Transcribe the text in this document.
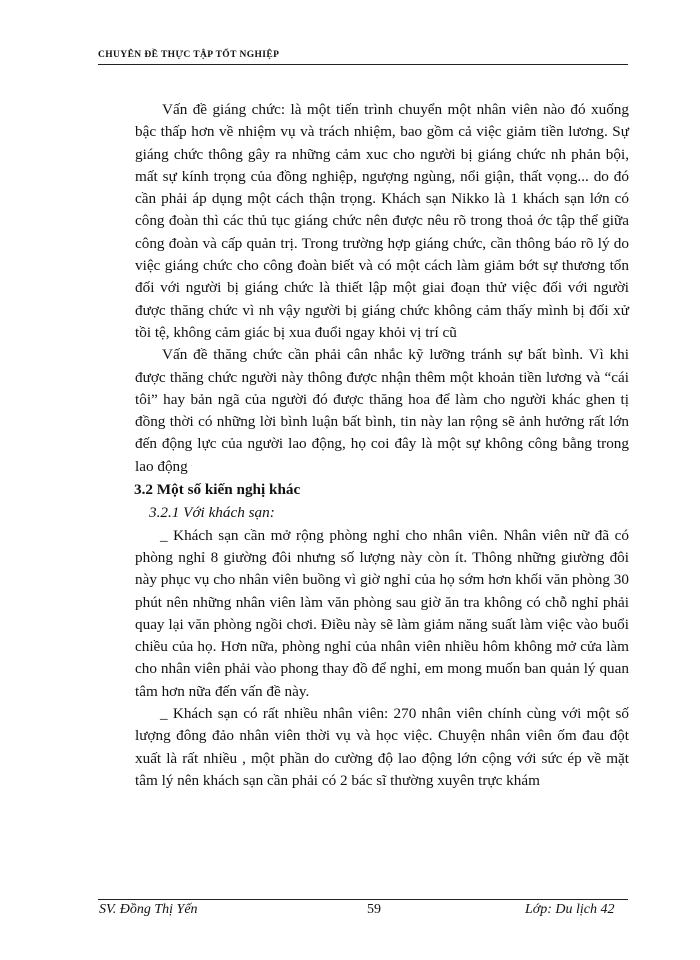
CHUYÊN ĐỀ THỰC TẬP TỐT NGHIỆP

Vấn đề giáng chức: là một tiến trình chuyển một nhân viên nào đó xuống bậc thấp hơn về nhiệm vụ và trách nhiệm, bao gồm cả việc giảm tiền lương. Sự giáng chức thông gây ra những cảm xuc cho người bị giáng chức nh phản bội, mất sự kính trọng của đồng nghiệp, ngượng ngùng, nổi giận, thất vọng... do đó cần phải áp dụng một cách thận trọng. Khách sạn Nikko là 1 khách sạn lớn có công đoàn thì các thủ tục giáng chức nên được nêu rõ trong thoả ớc tập thể giữa công đoàn và cấp quản trị. Trong trường hợp giáng chức, cần thông báo rõ lý do việc giáng chức cho công đoàn biết và có một cách làm giảm bớt sự thương tổn đối với người bị giáng chức là thiết lập một giai đoạn thử việc đối với người được thăng chức vì nh vậy người bị giáng chức không cảm thấy mình bị đối xử tồi tệ, không cảm giác bị xua đuổi ngay khỏi vị trí cũ

Vấn đề thăng chức cần phải cân nhắc kỹ lưỡng tránh sự bất bình. Vì khi được thăng chức người này thông được nhận thêm một khoản tiền lương và “cái tôi” hay bản ngã của người đó được thăng hoa để làm cho người khác ghen tị đồng thời có những lời bình luận bất bình, tin này lan rộng sẽ ảnh hưởng rất lớn đến động lực của người lao động, họ coi đây là một sự không công bằng trong lao động

3.2 Một số kiến nghị khác

3.2.1 Với khách sạn:

_ Khách sạn cần mở rộng phòng nghỉ cho nhân viên. Nhân viên nữ đã có phòng nghỉ 8 giường đôi nhưng số lượng này còn ít. Thông những giường đôi này phục vụ cho nhân viên buồng vì giờ nghỉ của họ sớm hơn khối văn phòng 30 phút nên những nhân viên làm văn phòng sau giờ ăn tra không có chỗ nghỉ phải quay lại văn phòng ngồi chơi. Điều này sẽ làm giảm năng suất làm việc vào buổi chiều của họ. Hơn nữa, phòng nghỉ của nhân viên nhiều hôm không mở cửa làm cho nhân viên phải vào phong thay đồ để nghỉ, em mong muốn ban quản lý quan tâm hơn nữa đến vấn đề này.

_ Khách sạn có rất nhiều nhân viên: 270 nhân viên chính cùng với một số lượng đông đảo nhân viên thời vụ và học việc. Chuyện nhân viên ốm đau đột xuất là rất nhiều , một phần do cường độ lao động lớn cộng với sức ép về mặt tâm lý nên khách sạn cần phải có 2 bác sĩ thường xuyên trực khám

SV. Đồng Thị Yến	59	Lớp: Du lịch 42
